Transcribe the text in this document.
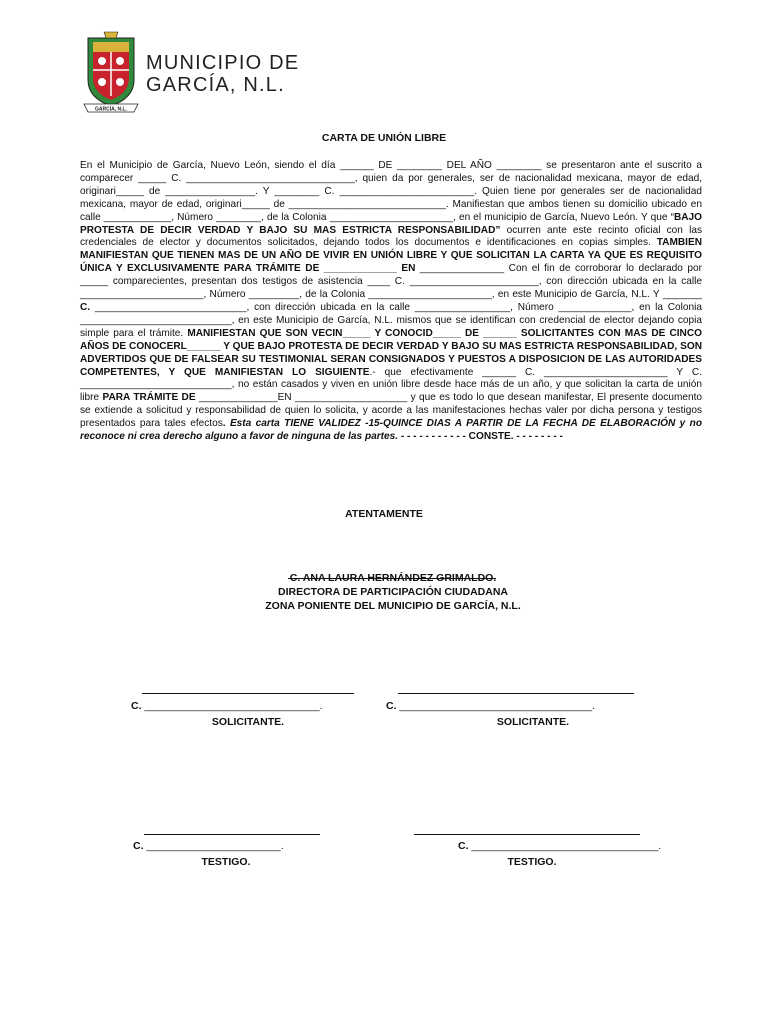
GARCÍA, N.L.
MUNICIPIO DE
GARCÍA, N.L.
CARTA DE UNIÓN LIBRE
En el Municipio de García, Nuevo León, siendo el día ______ DE ________ DEL AÑO ________ se presentaron ante el suscrito a comparecer _____ C. ______________________________, quien da por generales, ser de nacionalidad mexicana, mayor de edad, originari_____ de ________________. Y ________ C. ________________________. Quien tiene por generales ser de nacionalidad mexicana, mayor de edad, originari_____ de ____________________________. Manifiestan que ambos tienen su domicilio ubicado en calle ____________, Número ________, de la Colonia ______________________, en el municipio de García, Nuevo León. Y que “BAJO PROTESTA DE DECIR VERDAD Y BAJO SU MAS ESTRICTA RESPONSABILIDAD” ocurren ante este recinto oficial con las credenciales de elector y documentos solicitados, dejando todos los documentos e identificaciones en copias simples. TAMBIEN MANIFIESTAN QUE TIENEN MAS DE UN AÑO DE VIVIR EN UNIÓN LIBRE Y QUE SOLICITAN LA CARTA YA QUE ES REQUISITO ÚNICA Y EXCLUSIVAMENTE PARA TRÁMITE DE _____________ EN _______________ Con el fin de corroborar lo declarado por _____ comparecientes, presentan dos testigos de asistencia ____ C. _______________________, con dirección ubicada en la calle ______________________, Número _________, de la Colonia ______________________, en este Municipio de García, N.L. Y _______ C. ___________________________, con dirección ubicada en la calle _________________, Número _____________, en la Colonia ___________________________, en este Municipio de García, N.L. mismos que se identifican con credencial de elector dejando copia simple para el trámite. MANIFIESTAN QUE SON VECIN_____ Y CONOCID_____ DE ______ SOLICITANTES CON MAS DE CINCO AÑOS DE CONOCERL______ Y QUE BAJO PROTESTA DE DECIR VERDAD Y BAJO SU MAS ESTRICTA RESPONSABILIDAD, SON ADVERTIDOS QUE DE FALSEAR SU TESTIMONIAL SERAN CONSIGNADOS Y PUESTOS A DISPOSICION DE LAS AUTORIDADES COMPETENTES, Y QUE MANIFIESTAN LO SIGUIENTE.- que efectivamente ______ C. ______________________ Y C. ___________________________, no están casados y viven en unión libre desde hace más de un año, y que solicitan la carta de unión libre PARA TRÁMITE DE ______________EN ____________________ y que es todo lo que desean manifestar, El presente documento se extiende a solicitud y responsabilidad de quien lo solicita, y acorde a las manifestaciones hechas valer por dicha persona y testigos presentados para tales efectos. Esta carta TIENE VALIDEZ -15-QUINCE DIAS A PARTIR DE LA FECHA DE ELABORACIÓN y no reconoce ni crea derecho alguno a favor de ninguna de las partes. - - - - - - - - - - - CONSTE. - - - - - - - -
ATENTAMENTE
C. ANA LAURA HERNÁNDEZ GRIMALDO.
DIRECTORA DE PARTICIPACIÓN CIUDADANA
ZONA PONIENTE DEL MUNICIPIO DE GARCÍA, N.L.
C. ______________________________.
SOLICITANTE.
C. _________________________________.
SOLICITANTE.
C. _______________________.
TESTIGO.
C. ________________________________.
TESTIGO.
